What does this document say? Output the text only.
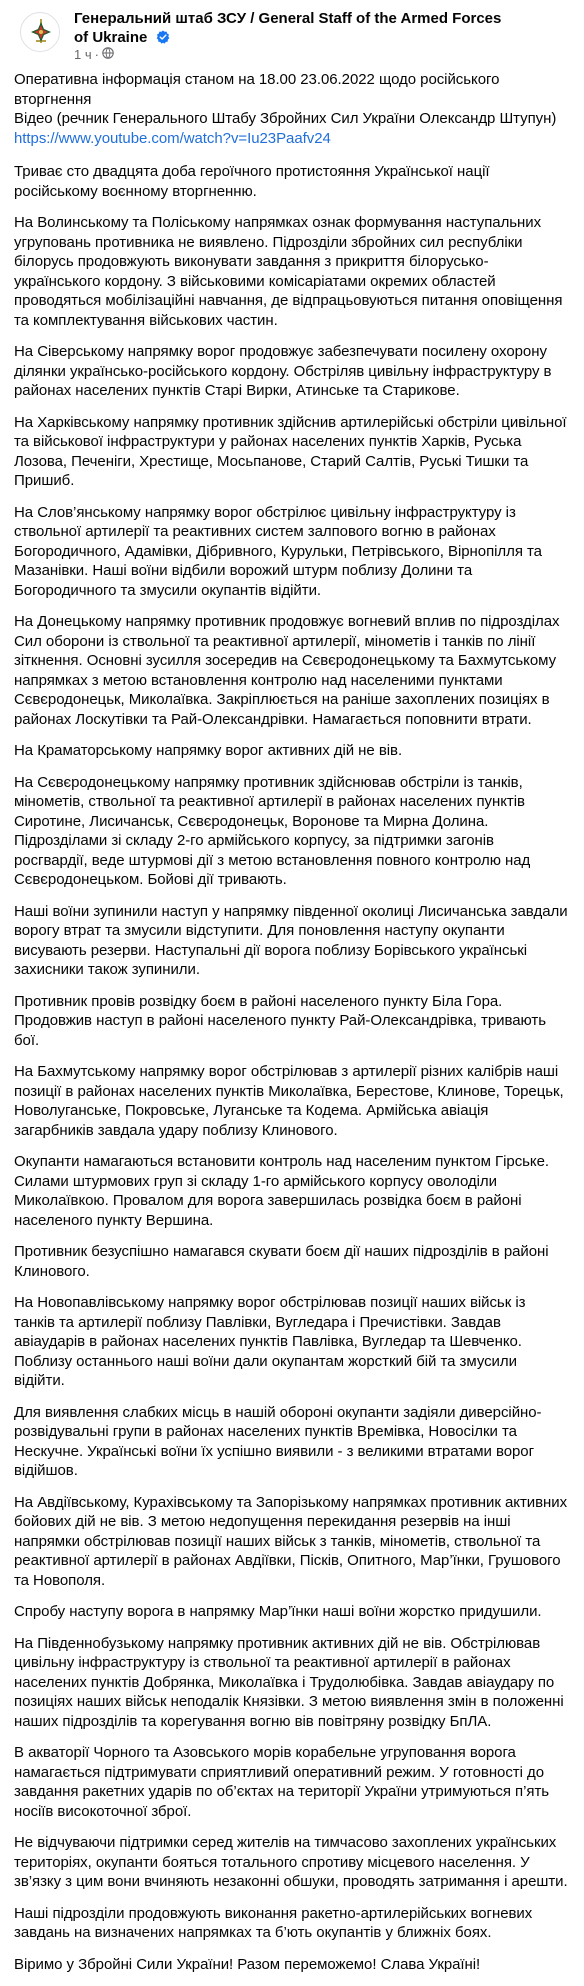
Генеральний штаб ЗСУ / General Staff of the Armed Forces of Ukraine
1 ч ·

Оперативна інформація станом на 18.00 23.06.2022 щодо російського вторгнення
Відео (речник Генерального Штабу Збройних Сил України Олександр Штупун)
https://www.youtube.com/watch?v=Iu23Paafv24

Триває сто двадцята доба героїчного протистояння Української нації російському воєнному вторгненню.

На Волинському та Поліському напрямках ознак формування наступальних угруповань противника не виявлено. Підрозділи збройних сил республіки білорусь продовжують виконувати завдання з прикриття білорусько-українського кордону. З військовими комісаріатами окремих областей проводяться мобілізаційні навчання, де відпрацьовуються питання оповіщення та комплектування військових частин.

На Сіверському напрямку ворог продовжує забезпечувати посилену охорону ділянки українсько-російського кордону. Обстріляв цивільну інфраструктуру в районах населених пунктів Старі Вирки, Атинське та Старикове.

На Харківському напрямку противник здійснив артилерійські обстріли цивільної та військової інфраструктури у районах населених пунктів Харків, Руська Лозова, Печеніги, Хрестище, Мосьпанове, Старий Салтів, Руські Тишки та Пришиб.

На Слов’янському напрямку ворог обстрілює цивільну інфраструктуру із ствольної артилерії та реактивних систем залпового вогню в районах Богородичного, Адамівки, Дібривного, Курульки, Петрівського, Вірнопілля та Мазанівки. Наші воїни відбили ворожий штурм поблизу Долини та Богородичного та змусили окупантів відійти.

На Донецькому напрямку противник продовжує вогневий вплив по підрозділах Сил оборони із ствольної та реактивної артилерії, мінометів і танків по лінії зіткнення. Основні зусилля зосередив на Сєвєродонецькому та Бахмутському напрямках з метою встановлення контролю над населеними пунктами Сєвєродонецьк, Миколаївка. Закріплюється на раніше захоплених позиціях в районах Лоскутівки та Рай-Олександрівки. Намагається поповнити втрати.

На Краматорському напрямку ворог активних дій не вів.

На Сєвєродонецькому напрямку противник здійснював обстріли із танків, мінометів, ствольної та реактивної артилерії в районах населених пунктів Сиротине, Лисичанськ, Сєвєродонецьк, Воронове та Мирна Долина. Підрозділами зі складу 2-го армійського корпусу, за підтримки загонів росгвардії, веде штурмові дії з метою встановлення повного контролю над Сєвєродонецьком. Бойові дії тривають.

Наші воїни зупинили наступ у напрямку південної околиці Лисичанська завдали ворогу втрат та змусили відступити. Для поновлення наступу окупанти висувають резерви. Наступальні дії ворога поблизу Борівського українські захисники також зупинили.

Противник провів розвідку боєм в районі населеного пункту Біла Гора. Продовжив наступ в районі населеного пункту Рай-Олександрівка, тривають бої.

На Бахмутському напрямку ворог обстрілював з артилерії різних калібрів наші позиції в районах населених пунктів Миколаївка, Берестове, Клинове, Торецьк, Новолуганське, Покровське, Луганське та Кодема. Армійська авіація загарбників завдала удару поблизу Клинового.

Окупанти намагаються встановити контроль над населеним пунктом Гірське. Силами штурмових груп зі складу 1-го армійського корпусу оволоділи Миколаївкою. Провалом для ворога завершилась розвідка боєм в районі населеного пункту Вершина.

Противник безуспішно намагався скувати боєм дії наших підрозділів в районі Клинового.

На Новопавлівському напрямку ворог обстрілював позиції наших військ із танків та артилерії поблизу Павлівки, Вугледара і Пречистівки. Завдав авіаударів в районах населених пунктів Павлівка, Вугледар та Шевченко. Поблизу останнього наші воїни дали окупантам жорсткий бій та змусили відійти.

Для виявлення слабких місць в нашій обороні окупанти задіяли диверсійно-розвідувальні групи в районах населених пунктів Времівка, Новосілки та Нескучне. Українські воїни їх успішно виявили - з великими втратами ворог відійшов.

На Авдіївському, Курахівському та Запорізькому напрямках противник активних бойових дій не вів. З метою недопущення перекидання резервів на інші напрямки обстрілював позиції наших військ з танків, мінометів, ствольної та реактивної артилерії в районах Авдіївки, Пісків, Опитного, Мар’їнки, Грушового та Новополя.

Спробу наступу ворога в напрямку Мар’їнки наші воїни жорстко придушили.

На Південнобузькому напрямку противник активних дій не вів. Обстрілював цивільну інфраструктуру із ствольної та реактивної артилерії в районах населених пунктів Добрянка, Миколаївка і Трудолюбівка. Завдав авіаудару по позиціях наших військ неподалік Князівки. З метою виявлення змін в положенні наших підрозділів та корегування вогню вів повітряну розвідку БпЛА.

В акваторії Чорного та Азовського морів корабельне угруповання ворога намагається підтримувати сприятливий оперативний режим. У готовності до завдання ракетних ударів по об’єктах на території України утримуються п’ять носіїв високоточної зброї.

Не відчуваючи підтримки серед жителів на тимчасово захоплених українських територіях, окупанти бояться тотального спротиву місцевого населення. У зв’язку з цим вони вчиняють незаконні обшуки, проводять затримання і арешти.

Наші підрозділи продовжують виконання ракетно-артилерійських вогневих завдань на визначених напрямках та б’ють окупантів у ближніх боях.

Віримо у Збройні Сили України! Разом переможемо! Слава Україні!
